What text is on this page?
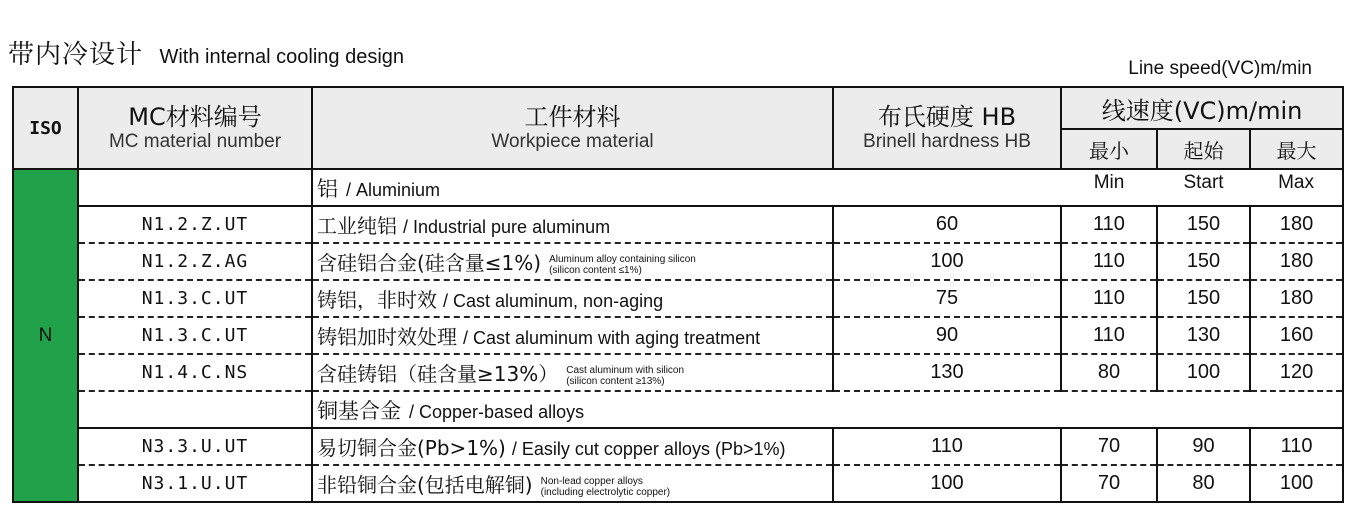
带内冷设计 With internal cooling design
Line speed(VC)m/min
ISO	MC材料编号
MC material number	工件材料
Workpiece material	布氏硬度 HB
Brinell hardness HB	线速度(VC)m/min		
				最小	起始	最大
N		铝 / Aluminium		Min	Start	Max
	N1.2.Z.UT	工业纯铝 / Industrial pure aluminum	60	110	150	180
	N1.2.Z.AG	含硅铝合金(硅含量≤1%) Aluminum alloy containing silicon
(silicon content ≤1%)	100	110	150	180
	N1.3.C.UT	铸铝，非时效 / Cast aluminum, non-aging	75	110	150	180
	N1.3.C.UT	铸铝加时效处理 / Cast aluminum with aging treatment	90	110	130	160
	N1.4.C.NS	含硅铸铝（硅含量≥13%） Cast aluminum with silicon
(silicon content ≥13%)	130	80	100	120
		铜基合金 / Copper-based alloys				
	N3.3.U.UT	易切铜合金(Pb>1%) / Easily cut copper alloys (Pb>1%)	110	70	90	110
	N3.1.U.UT	非铅铜合金(包括电解铜) Non-lead copper alloys
(including electrolytic copper)	100	70	80	100
